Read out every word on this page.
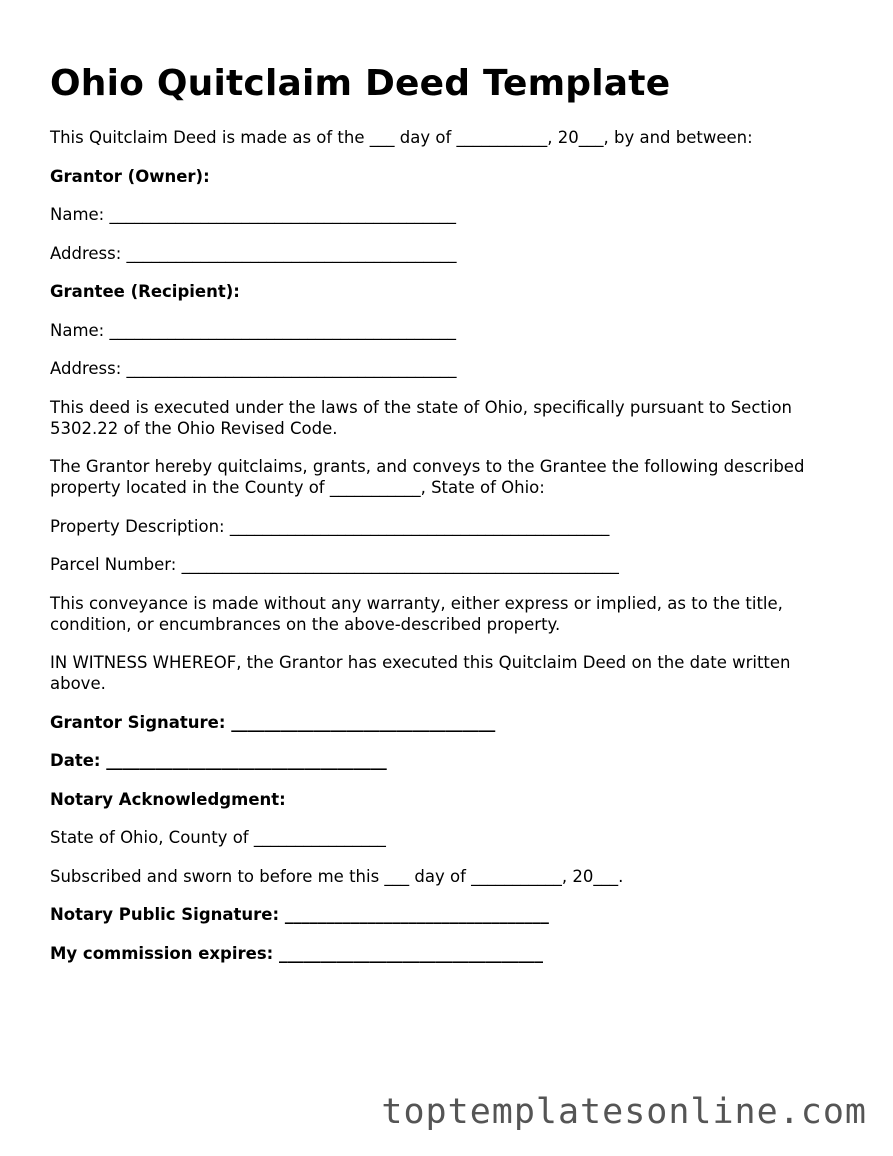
Ohio Quitclaim Deed Template

This Quitclaim Deed is made as of the ___ day of ___________, 20___, by and between:

Grantor (Owner):

Name: __________________________________________

Address: ________________________________________

Grantee (Recipient):

Name: __________________________________________

Address: ________________________________________

This deed is executed under the laws of the state of Ohio, specifically pursuant to Section 5302.22 of the Ohio Revised Code.

The Grantor hereby quitclaims, grants, and conveys to the Grantee the following described property located in the County of ___________, State of Ohio:

Property Description: ______________________________________________

Parcel Number: _____________________________________________________

This conveyance is made without any warranty, either express or implied, as to the title, condition, or encumbrances on the above-described property.

IN WITNESS WHEREOF, the Grantor has executed this Quitclaim Deed on the date written above.

Grantor Signature: ________________________________

Date: __________________________________

Notary Acknowledgment:

State of Ohio, County of ________________

Subscribed and sworn to before me this ___ day of ___________, 20___.

Notary Public Signature: ________________________________

My commission expires: ________________________________

toptemplatesonline.com
